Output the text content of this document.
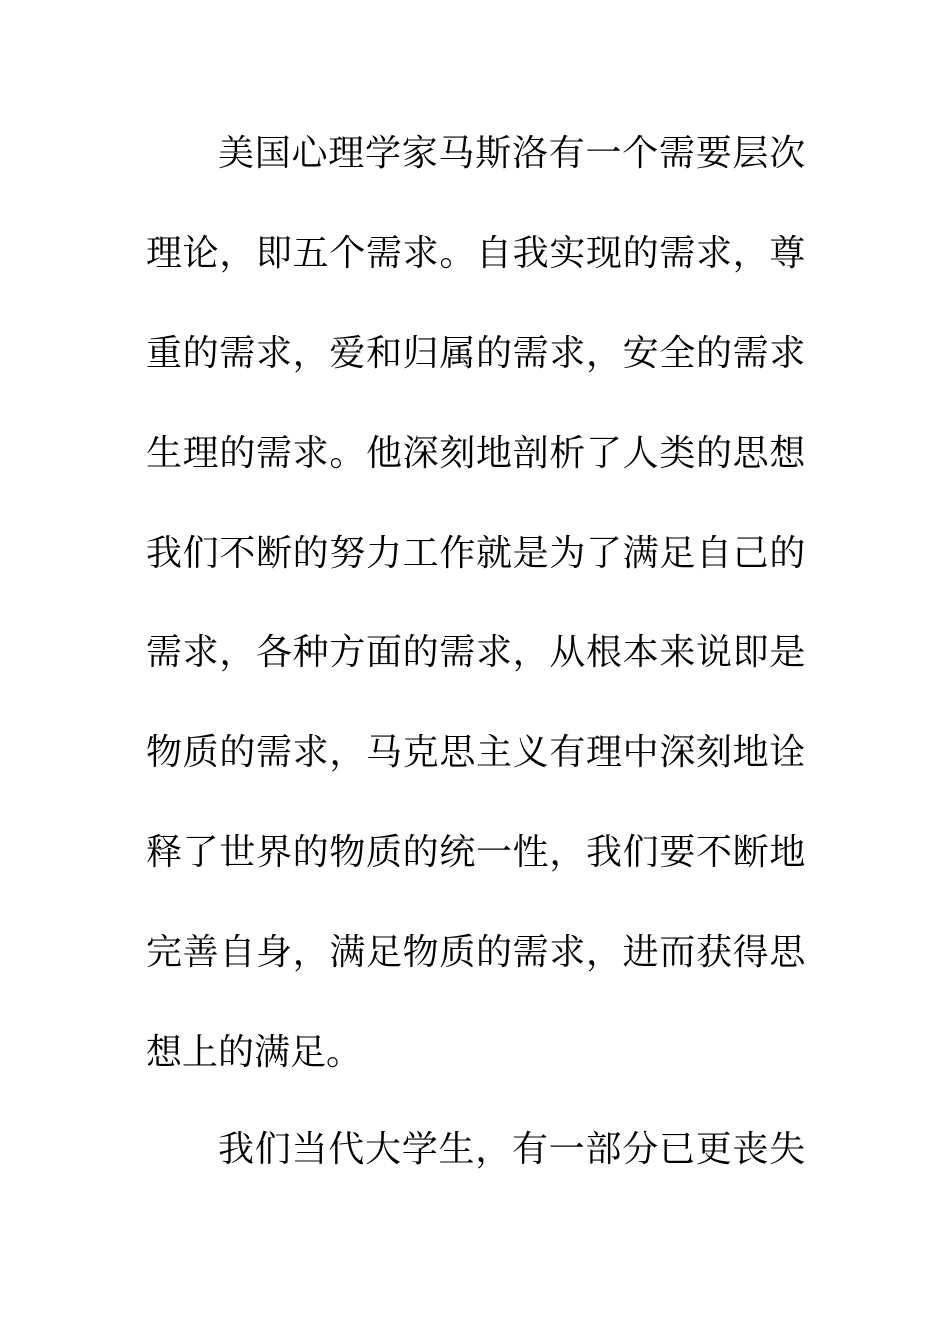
美国心理学家马斯洛有一个需要层次
理论，即五个需求。自我实现的需求，尊
重的需求，爱和归属的需求，安全的需求
生理的需求。他深刻地剖析了人类的思想
我们不断的努力工作就是为了满足自己的
需求，各种方面的需求，从根本来说即是
物质的需求，马克思主义有理中深刻地诠
释了世界的物质的统一性，我们要不断地
完善自身，满足物质的需求，进而获得思
想上的满足。
我们当代大学生，有一部分已更丧失
